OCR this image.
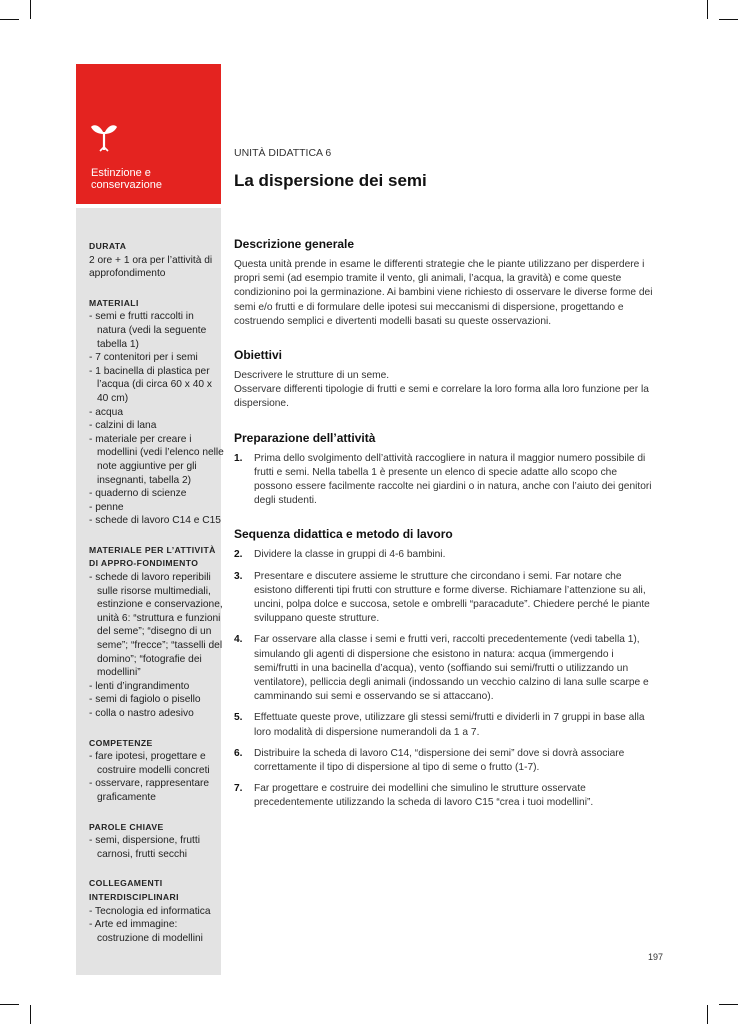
Estinzione e conservazione
UNITÀ DIDATTICA 6
La dispersione dei semi
DURATA
2 ore + 1 ora per l’attività di approfondimento
MATERIALI
- semi e frutti raccolti in natura (vedi la seguente tabella 1)
- 7 contenitori per i semi
- 1 bacinella di plastica per l’acqua (di circa 60 x 40 x 40 cm)
- acqua
- calzini di lana
- materiale per creare i modellini (vedi l’elenco nelle note aggiuntive per gli insegnanti, tabella 2)
- quaderno di scienze
- penne
- schede di lavoro C14 e C15
MATERIALE PER L’ATTIVITÀ DI APPRO-FONDIMENTO
- schede di lavoro reperibili sulle risorse multimediali, estinzione e conservazione, unità 6: “struttura e funzioni del seme”; “disegno di un seme”; “frecce”; “tasselli del domino”; “fotografie dei modellini”
- lenti d’ingrandimento
- semi di fagiolo o pisello
- colla o nastro adesivo
COMPETENZE
- fare ipotesi, progettare e costruire modelli concreti
- osservare, rappresentare graficamente
PAROLE CHIAVE
- semi, dispersione, frutti carnosi, frutti secchi
COLLEGAMENTI INTERDISCIPLINARI
- Tecnologia ed informatica
- Arte ed immagine: costruzione di modellini
Descrizione generale

Questa unità prende in esame le differenti strategie che le piante utilizzano per disperdere i propri semi (ad esempio tramite il vento, gli animali, l’acqua, la gravità) e come queste condizionino poi la germinazione. Ai bambini viene richiesto di osservare le diverse forme dei semi e/o frutti e di formulare delle ipotesi sui meccanismi di dispersione, progettando e costruendo semplici e divertenti modelli basati su queste osservazioni.

Obiettivi

Descrivere le strutture di un seme.

Osservare differenti tipologie di frutti e semi e correlare la loro forma alla loro funzione per la dispersione.

Preparazione dell’attività
1. Prima dello svolgimento dell’attività raccogliere in natura il maggior numero possibile di frutti e semi. Nella tabella 1 è presente un elenco di specie adatte allo scopo che possono essere facilmente raccolte nei giardini o in natura, anche con l’aiuto dei genitori degli studenti.
Sequenza didattica e metodo di lavoro
2. Dividere la classe in gruppi di 4-6 bambini.
3. Presentare e discutere assieme le strutture che circondano i semi. Far notare che esistono differenti tipi frutti con strutture e forme diverse. Richiamare l’attenzione su ali, uncini, polpa dolce e succosa, setole e ombrelli “paracadute”. Chiedere perché le piante sviluppano queste strutture.
4. Far osservare alla classe i semi e frutti veri, raccolti precedentemente (vedi tabella 1), simulando gli agenti di dispersione che esistono in natura: acqua (immergendo i semi/frutti in una bacinella d’acqua), vento (soffiando sui semi/frutti o utilizzando un ventilatore), pelliccia degli animali (indossando un vecchio calzino di lana sulle scarpe e camminando sui semi e osservando se si attaccano).
5. Effettuate queste prove, utilizzare gli stessi semi/frutti e dividerli in 7 gruppi in base alla loro modalità di dispersione numerandoli da 1 a 7.
6. Distribuire la scheda di lavoro C14, “dispersione dei semi” dove si dovrà associare correttamente il tipo di dispersione al tipo di seme o frutto (1-7).
7. Far progettare e costruire dei modellini che simulino le strutture osservate precedentemente utilizzando la scheda di lavoro C15 “crea i tuoi modellini”.
197
